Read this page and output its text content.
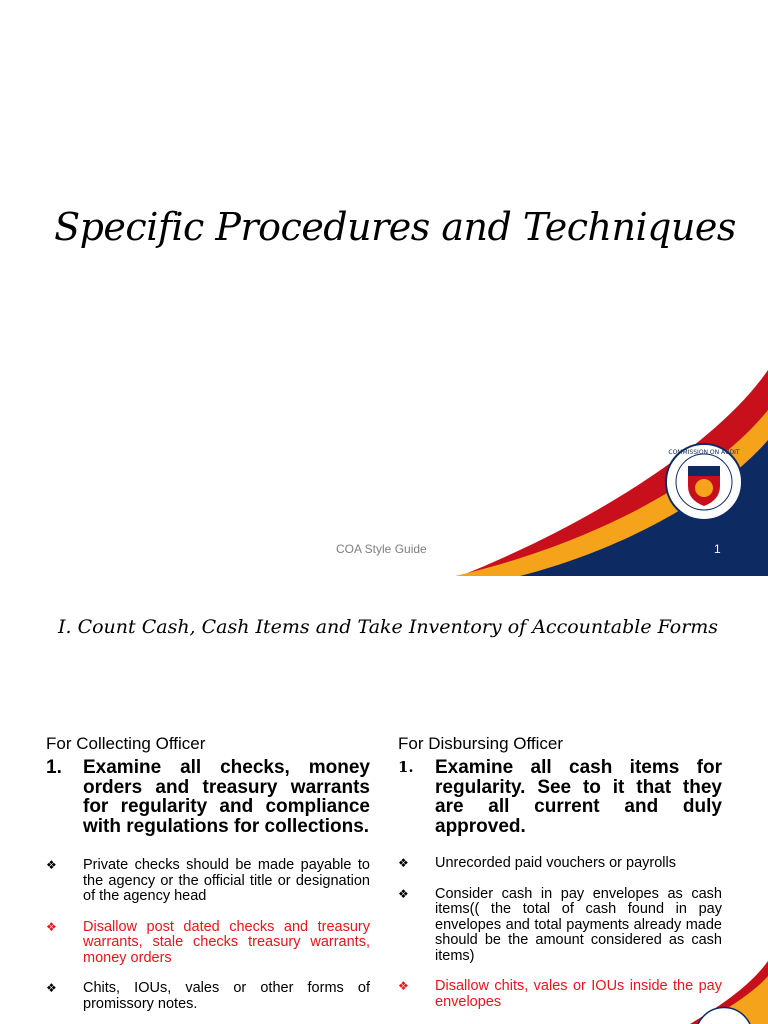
COMMISSION ON AUDIT
Specific Procedures and Techniques
COA Style Guide	1
I. Count Cash, Cash Items and Take Inventory of Accountable Forms
For Collecting Officer
1.	Examine all checks, money orders and treasury warrants for regularity and compliance with regulations for collections.
❖	Private checks should be made payable to the agency or the official title or designation of the agency head
❖	Disallow post dated checks and treasury warrants, stale checks treasury warrants, money orders
❖	Chits, IOUs, vales or other forms of promissory notes.
For Disbursing Officer
1.	Examine all cash items for regularity. See to it that they are all current and duly approved.
❖	Unrecorded paid vouchers or payrolls
❖	Consider cash in pay envelopes as cash items(( the total of cash found in pay envelopes and total payments already made should be the amount considered as cash items)
❖	Disallow chits, vales or IOUs inside the pay envelopes
